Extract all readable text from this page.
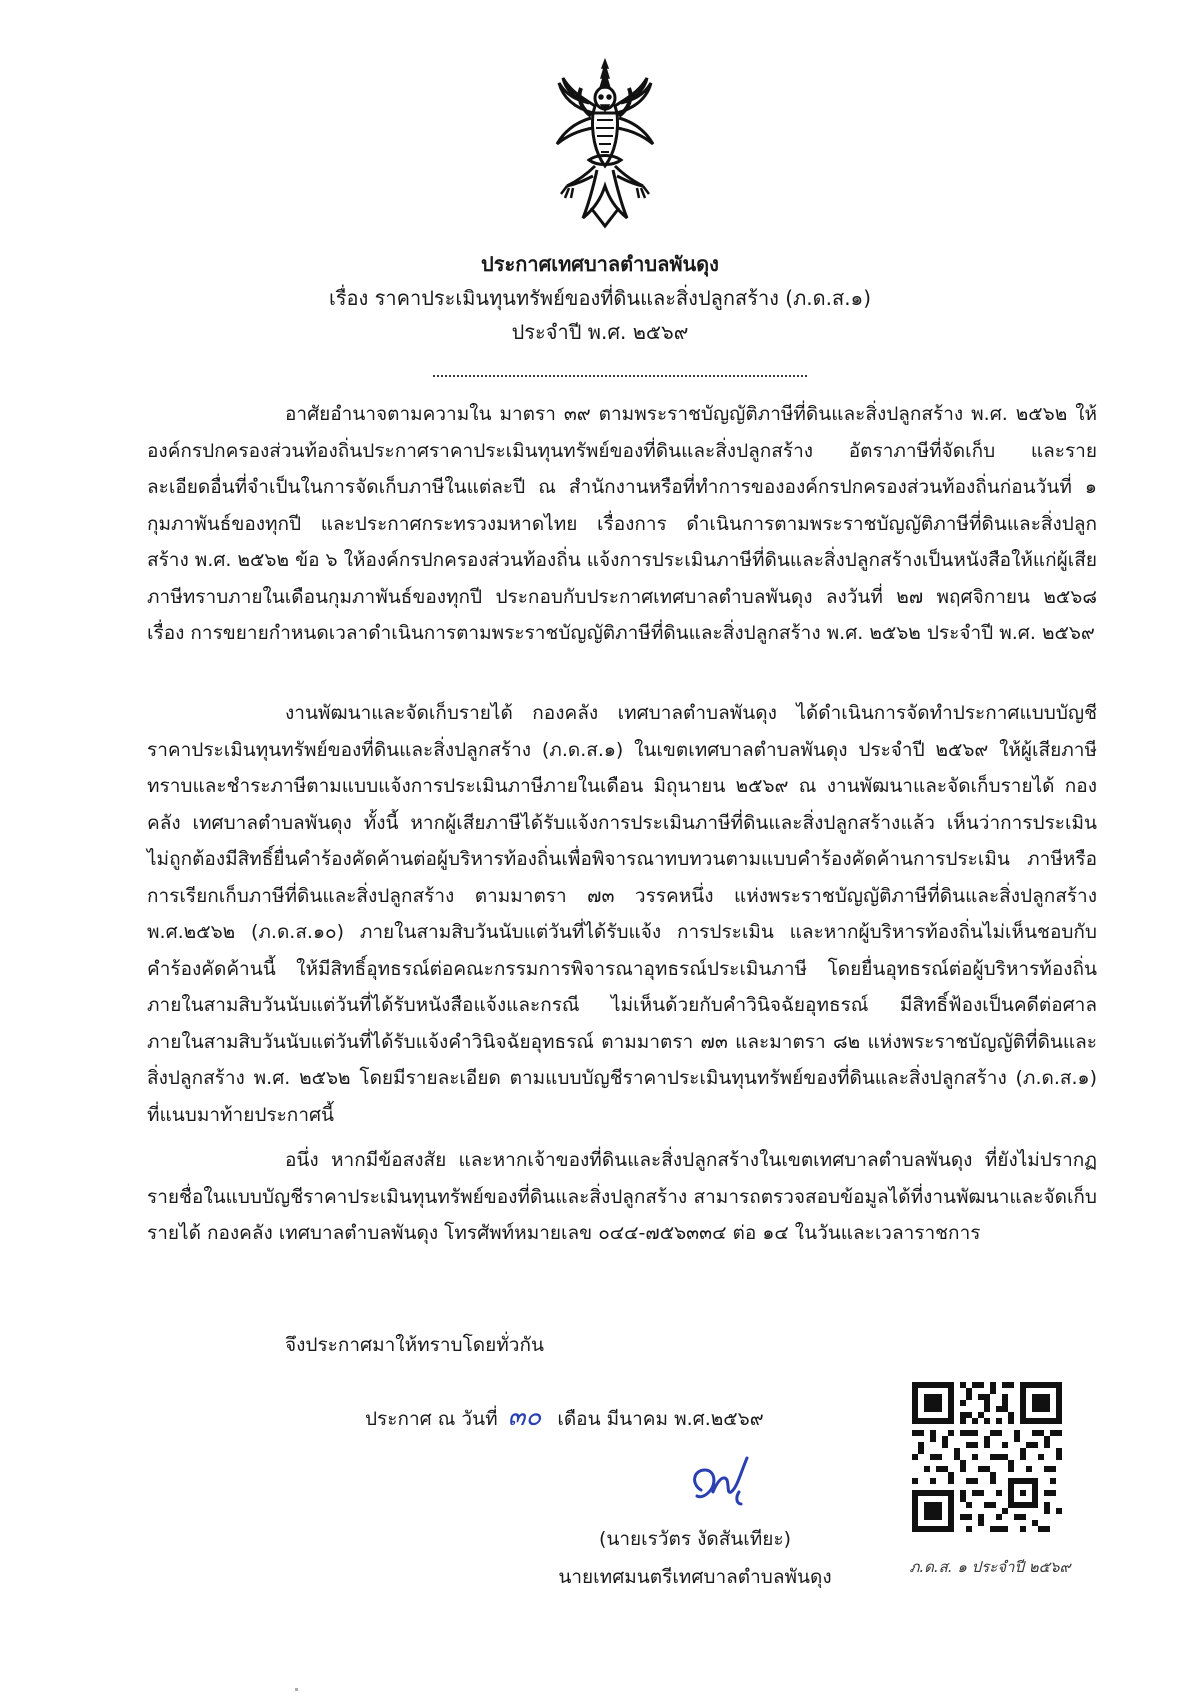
ประกาศเทศบาลตำบลพันดุง
เรื่อง ราคาประเมินทุนทรัพย์ของที่ดินและสิ่งปลูกสร้าง (ภ.ด.ส.๑)
ประจำปี พ.ศ. ๒๕๖๙

อาศัยอำนาจตามความใน มาตรา ๓๙ ตามพระราชบัญญัติภาษีที่ดินและสิ่งปลูกสร้าง พ.ศ. ๒๕๖๒ ให้องค์กรปกครองส่วนท้องถิ่นประกาศราคาประเมินทุนทรัพย์ของที่ดินและสิ่งปลูกสร้าง อัตราภาษีที่จัดเก็บ และรายละเอียดอื่นที่จำเป็นในการจัดเก็บภาษีในแต่ละปี ณ สำนักงานหรือที่ทำการขององค์กรปกครองส่วนท้องถิ่นก่อนวันที่ ๑ กุมภาพันธ์ของทุกปี และประกาศกระทรวงมหาดไทย เรื่องการ ดำเนินการตามพระราชบัญญัติภาษีที่ดินและสิ่งปลูกสร้าง พ.ศ. ๒๕๖๒ ข้อ ๖ ให้องค์กรปกครองส่วนท้องถิ่น แจ้งการประเมินภาษีที่ดินและสิ่งปลูกสร้างเป็นหนังสือให้แก่ผู้เสียภาษีทราบภายในเดือนกุมภาพันธ์ของทุกปี ประกอบกับประกาศเทศบาลตำบลพันดุง ลงวันที่ ๒๗ พฤศจิกายน ๒๕๖๘ เรื่อง การขยายกำหนดเวลาดำเนินการตามพระราชบัญญัติภาษีที่ดินและสิ่งปลูกสร้าง พ.ศ. ๒๕๖๒ ประจำปี พ.ศ. ๒๕๖๙

งานพัฒนาและจัดเก็บรายได้ กองคลัง เทศบาลตำบลพันดุง ได้ดำเนินการจัดทำประกาศแบบบัญชีราคาประเมินทุนทรัพย์ของที่ดินและสิ่งปลูกสร้าง (ภ.ด.ส.๑) ในเขตเทศบาลตำบลพันดุง ประจำปี ๒๕๖๙ ให้ผู้เสียภาษีทราบและชำระภาษีตามแบบแจ้งการประเมินภาษีภายในเดือน มิถุนายน ๒๕๖๙ ณ งานพัฒนาและจัดเก็บรายได้ กองคลัง เทศบาลตำบลพันดุง ทั้งนี้ หากผู้เสียภาษีได้รับแจ้งการประเมินภาษีที่ดินและสิ่งปลูกสร้างแล้ว เห็นว่าการประเมิน ไม่ถูกต้องมีสิทธิ์ยื่นคำร้องคัดค้านต่อผู้บริหารท้องถิ่นเพื่อพิจารณาทบทวนตามแบบคำร้องคัดค้านการประเมิน ภาษีหรือการเรียกเก็บภาษีที่ดินและสิ่งปลูกสร้าง ตามมาตรา ๗๓ วรรคหนึ่ง แห่งพระราชบัญญัติภาษีที่ดินและสิ่งปลูกสร้าง พ.ศ.๒๕๖๒ (ภ.ด.ส.๑๐) ภายในสามสิบวันนับแต่วันที่ได้รับแจ้ง การประเมิน และหากผู้บริหารท้องถิ่นไม่เห็นชอบกับคำร้องคัดค้านนี้ ให้มีสิทธิ์อุทธรณ์ต่อคณะกรรมการพิจารณาอุทธรณ์ประเมินภาษี โดยยื่นอุทธรณ์ต่อผู้บริหารท้องถิ่นภายในสามสิบวันนับแต่วันที่ได้รับหนังสือแจ้งและกรณี ไม่เห็นด้วยกับคำวินิจฉัยอุทธรณ์ มีสิทธิ์ฟ้องเป็นคดีต่อศาลภายในสามสิบวันนับแต่วันที่ได้รับแจ้งคำวินิจฉัยอุทธรณ์ ตามมาตรา ๗๓ และมาตรา ๘๒ แห่งพระราชบัญญัติที่ดินและสิ่งปลูกสร้าง พ.ศ. ๒๕๖๒ โดยมีรายละเอียด ตามแบบบัญชีราคาประเมินทุนทรัพย์ของที่ดินและสิ่งปลูกสร้าง (ภ.ด.ส.๑) ที่แนบมาท้ายประกาศนี้

อนึ่ง หากมีข้อสงสัย และหากเจ้าของที่ดินและสิ่งปลูกสร้างในเขตเทศบาลตำบลพันดุง ที่ยังไม่ปรากฏรายชื่อในแบบบัญชีราคาประเมินทุนทรัพย์ของที่ดินและสิ่งปลูกสร้าง สามารถตรวจสอบข้อมูลได้ที่งานพัฒนาและจัดเก็บรายได้ กองคลัง เทศบาลตำบลพันดุง โทรศัพท์หมายเลข ๐๔๔-๗๕๖๓๓๔ ต่อ ๑๔ ในวันและเวลาราชการ

จึงประกาศมาให้ทราบโดยทั่วกัน
ประกาศ ณ วันที่ ๓๐ เดือน มีนาคม พ.ศ.๒๕๖๙
(นายเรวัตร งัดสันเทียะ)
นายเทศมนตรีเทศบาลตำบลพันดุง	ภ.ด.ส. ๑ ประจำปี ๒๕๖๙
